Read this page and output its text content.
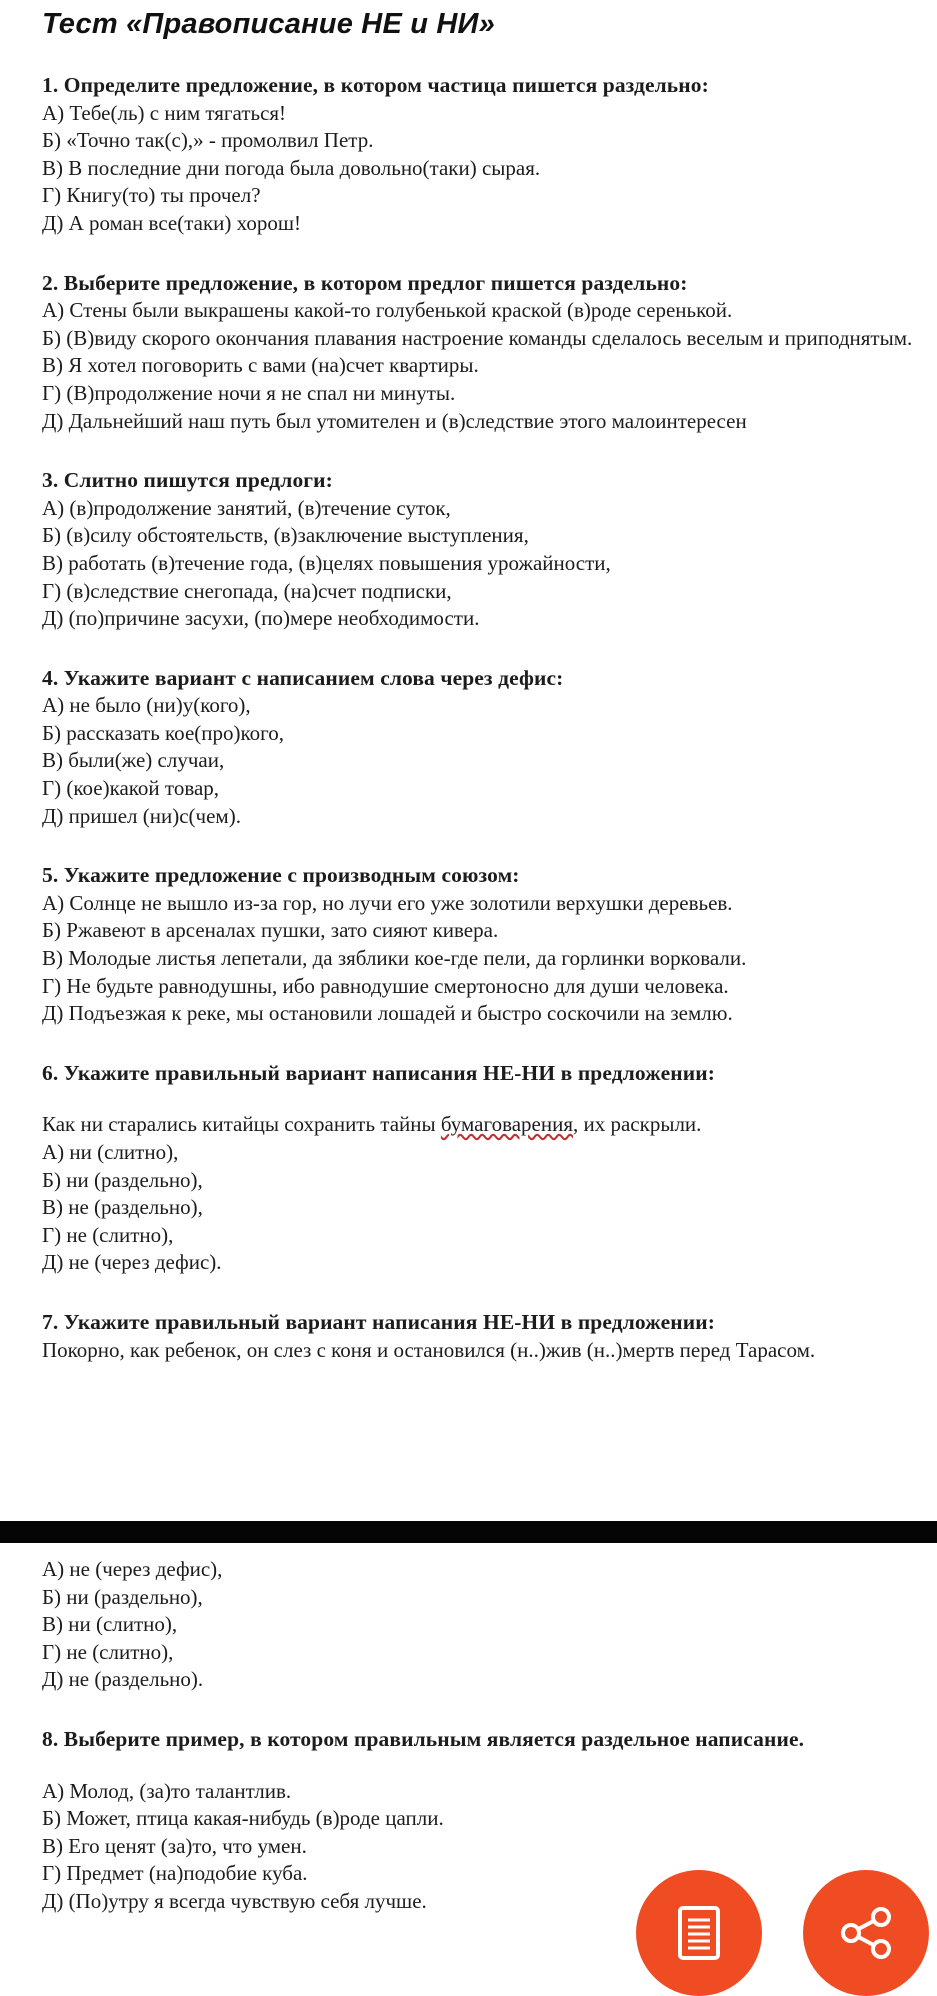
Тест «Правописание НЕ и НИ»
1. Определите предложение, в котором частица пишется раздельно:
А) Тебе(ль) с ним тягаться!
Б) «Точно так(с),» - промолвил Петр.
В) В последние дни погода была довольно(таки) сырая.
Г) Книгу(то) ты прочел?
Д) А роман все(таки) хорош!
2. Выберите предложение, в котором предлог пишется раздельно:
А) Стены были выкрашены какой-то голубенькой краской (в)роде серенькой.
Б) (В)виду скорого окончания плавания настроение команды сделалось веселым и приподнятым.
В) Я хотел поговорить с вами (на)счет квартиры.
Г) (В)продолжение ночи я не спал ни минуты.
Д) Дальнейший наш путь был утомителен и (в)следствие этого малоинтересен
3. Слитно пишутся предлоги:
А) (в)продолжение занятий, (в)течение суток,
Б) (в)силу обстоятельств, (в)заключение выступления,
В) работать (в)течение года, (в)целях повышения урожайности,
Г) (в)следствие снегопада, (на)счет подписки,
Д) (по)причине засухи, (по)мере необходимости.
4. Укажите вариант с написанием слова через дефис:
А) не было (ни)у(кого),
Б) рассказать кое(про)кого,
В) были(же) случаи,
Г) (кое)какой товар,
Д) пришел (ни)с(чем).
5. Укажите предложение с производным союзом:
А) Солнце не вышло из-за гор, но лучи его уже золотили верхушки деревьев.
Б) Ржавеют в арсеналах пушки, зато сияют кивера.
В) Молодые листья лепетали, да зяблики кое-где пели, да горлинки ворковали.
Г) Не будьте равнодушны, ибо равнодушие смертоносно для души человека.
Д) Подъезжая к реке, мы остановили лошадей и быстро соскочили на землю.
6. Укажите правильный вариант написания НЕ-НИ в предложении:
Как ни старались китайцы сохранить тайны бумаговарения, их раскрыли.
А) ни (слитно),
Б) ни (раздельно),
В) не (раздельно),
Г) не (слитно),
Д) не (через дефис).
7. Укажите правильный вариант написания НЕ-НИ в предложении:
Покорно, как ребенок, он слез с коня и остановился (н..)жив (н..)мертв перед Тарасом.
А) не (через дефис),
Б) ни (раздельно),
В) ни (слитно),
Г) не (слитно),
Д) не (раздельно).
8. Выберите пример, в котором правильным является раздельное написание.
А) Молод, (за)то талантлив.
Б) Может, птица какая-нибудь (в)роде цапли.
В) Его ценят (за)то, что умен.
Г) Предмет (на)подобие куба.
Д) (По)утру я всегда чувствую себя лучше.
